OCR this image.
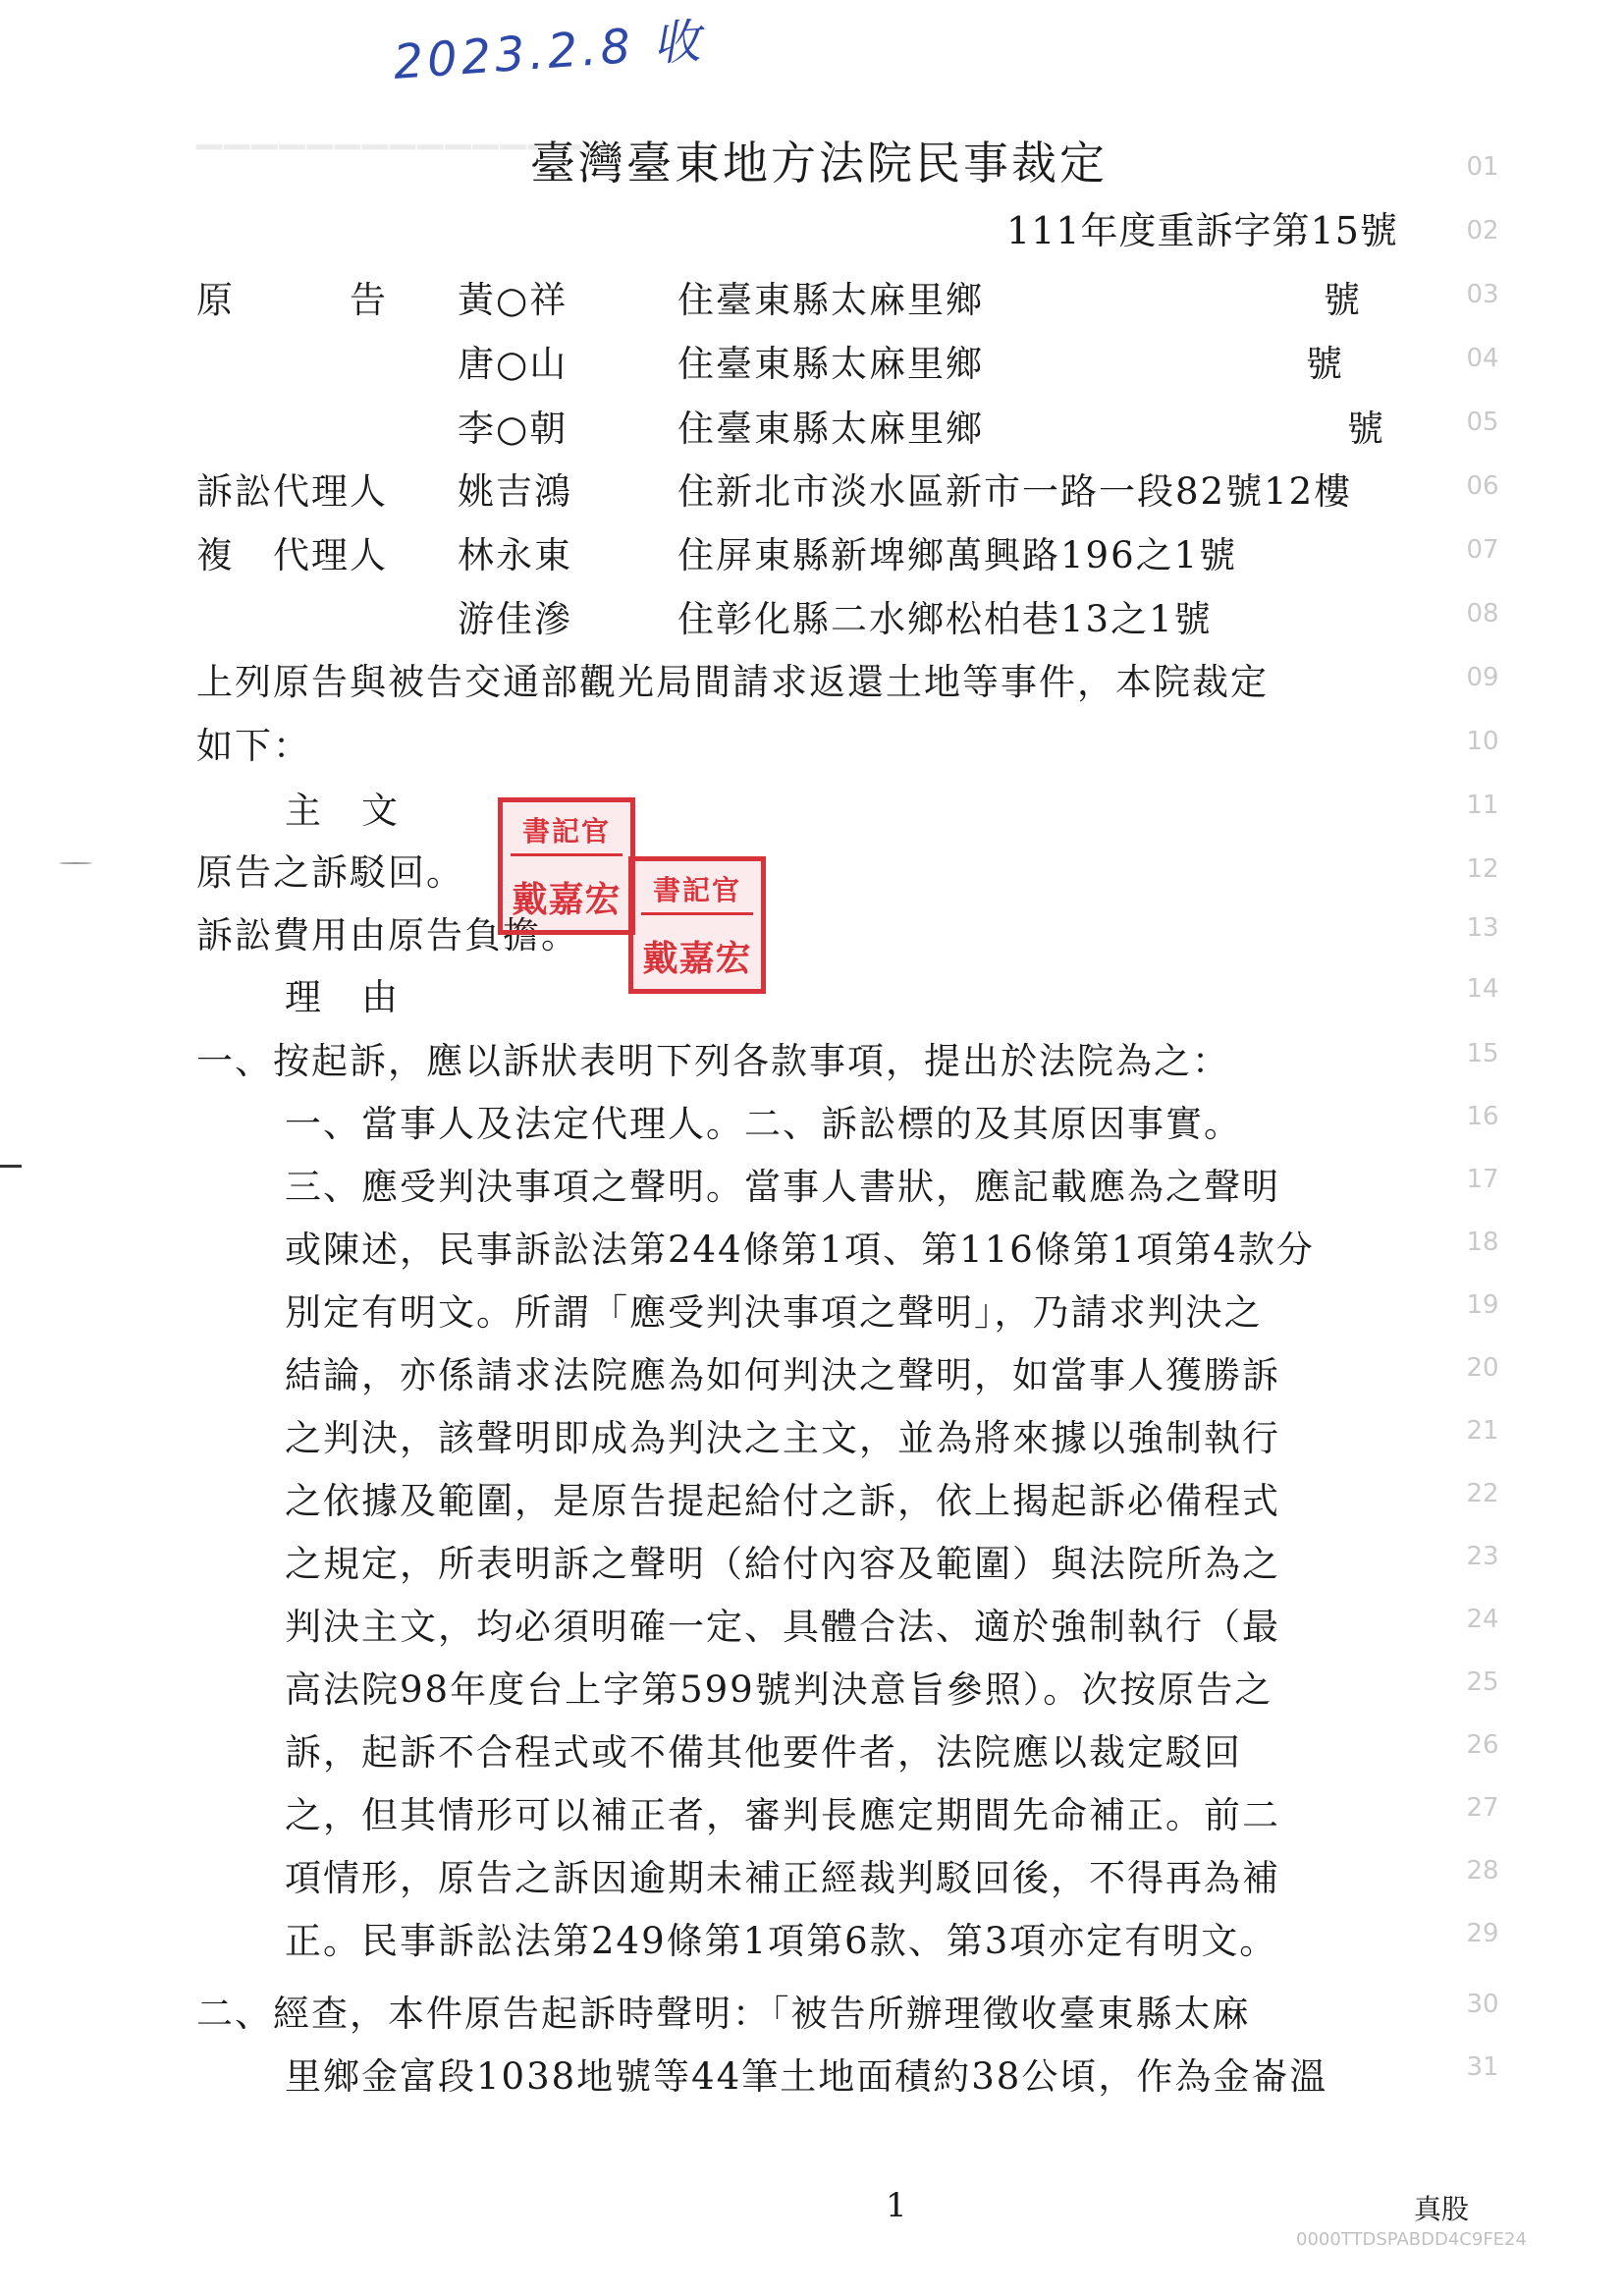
2023.2.8 收
▔▔▔▔▔▔▔▔▔▔▔▔▔▔▔
臺灣臺東地方法院民事裁定
111年度重訴字第15號
原　　　告 黃○祥	住臺東縣太麻里鄉	號
唐○山	住臺東縣太麻里鄉	號
李○朝	住臺東縣太麻里鄉	號
訴訟代理人 姚吉鴻	住新北市淡水區新市一路一段82號12樓
複　代理人 林永東	住屏東縣新埤鄉萬興路196之1號
游佳滲	住彰化縣二水鄉松柏巷13之1號
上列原告與被告交通部觀光局間請求返還土地等事件，本院裁定
如下：
主　文
原告之訴駁回。
訴訟費用由原告負擔。
書記官
戴嘉宏	書記官
戴嘉宏
理　由
一、按起訴，應以訴狀表明下列各款事項，提出於法院為之：
一、當事人及法定代理人。二、訴訟標的及其原因事實。
三、應受判決事項之聲明。當事人書狀，應記載應為之聲明
或陳述，民事訴訟法第244條第1項、第116條第1項第4款分
別定有明文。所謂「應受判決事項之聲明」，乃請求判決之
結論，亦係請求法院應為如何判決之聲明，如當事人獲勝訴
之判決，該聲明即成為判決之主文，並為將來據以強制執行
之依據及範圍，是原告提起給付之訴，依上揭起訴必備程式
之規定，所表明訴之聲明（給付內容及範圍）與法院所為之
判決主文，均必須明確一定、具體合法、適於強制執行（最
高法院98年度台上字第599號判決意旨參照）。次按原告之
訴，起訴不合程式或不備其他要件者，法院應以裁定駁回
之，但其情形可以補正者，審判長應定期間先命補正。前二
項情形，原告之訴因逾期未補正經裁判駁回後，不得再為補
正。民事訴訟法第249條第1項第6款、第3項亦定有明文。
二、經查，本件原告起訴時聲明：「被告所辦理徵收臺東縣太麻
里鄉金富段1038地號等44筆土地面積約38公頃，作為金崙溫
01
02
03
04
05
06
07
08
09
10
11
12
13
14
15
16
17
18
19
20
21
22
23
24
25
26
27
28
29
30
31
1	真股
0000TTDSPABDD4C9FE24
